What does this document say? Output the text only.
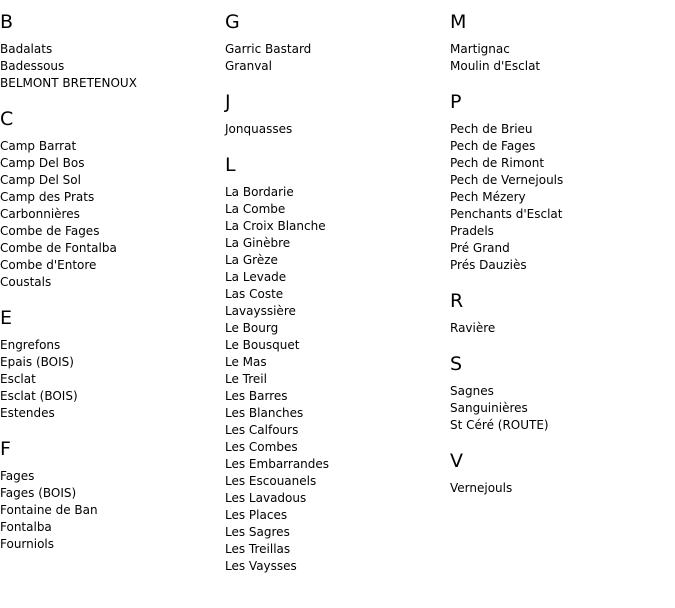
B
Badalats
Badessous
BELMONT BRETENOUX
C
Camp Barrat
Camp Del Bos
Camp Del Sol
Camp des Prats
Carbonnières
Combe de Fages
Combe de Fontalba
Combe d'Entore
Coustals
E
Engrefons
Epais (BOIS)
Esclat
Esclat (BOIS)
Estendes
F
Fages
Fages (BOIS)
Fontaine de Ban
Fontalba
Fourniols
G
Garric Bastard
Granval
J
Jonquasses
L
La Bordarie
La Combe
La Croix Blanche
La Ginèbre
La Grèze
La Levade
Las Coste
Lavayssière
Le Bourg
Le Bousquet
Le Mas
Le Treil
Les Barres
Les Blanches
Les Calfours
Les Combes
Les Embarrandes
Les Escouanels
Les Lavadous
Les Places
Les Sagres
Les Treillas
Les Vaysses
M
Martignac
Moulin d'Esclat
P
Pech de Brieu
Pech de Fages
Pech de Rimont
Pech de Vernejouls
Pech Mézery
Penchants d'Esclat
Pradels
Pré Grand
Prés Dauziès
R
Ravière
S
Sagnes
Sanguinières
St Céré (ROUTE)
V
Vernejouls
